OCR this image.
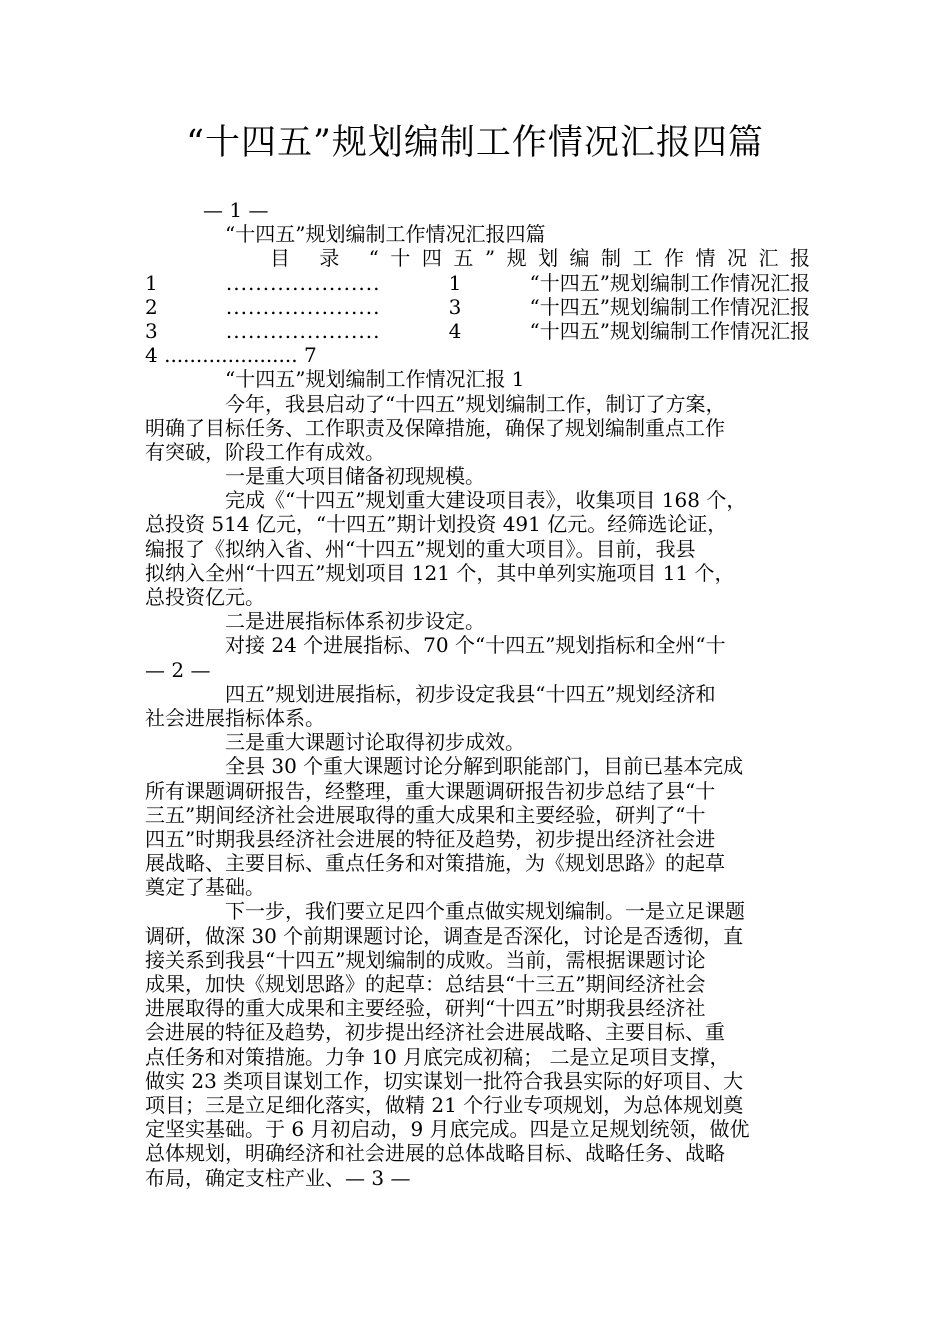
“十四五”规划编制工作情况汇报四篇
— 1 —
“十四五”规划编制工作情况汇报四篇
目 录 “十四五”规划编制工作情况汇报
1	.....................	1	“十四五”规划编制工作情况汇报
2	.....................	3	“十四五”规划编制工作情况汇报
3	.....................	4	“十四五”规划编制工作情况汇报
4 ..................... 7
“十四五”规划编制工作情况汇报 1
今年，我县启动了“十四五”规划编制工作，制订了方案，
明确了目标任务、工作职责及保障措施，确保了规划编制重点工作
有突破，阶段工作有成效。
一是重大项目储备初现规模。
完成《“十四五”规划重大建设项目表》，收集项目 168 个，
总投资 514 亿元，“十四五”期计划投资 491 亿元。经筛选论证，
编报了《拟纳入省、州“十四五”规划的重大项目》。目前，我县
拟纳入全州“十四五”规划项目 121 个，其中单列实施项目 11 个，
总投资亿元。
二是进展指标体系初步设定。
对接 24 个进展指标、70 个“十四五”规划指标和全州“十
— 2 —
四五”规划进展指标，初步设定我县“十四五”规划经济和
社会进展指标体系。
三是重大课题讨论取得初步成效。
全县 30 个重大课题讨论分解到职能部门，目前已基本完成
所有课题调研报告，经整理，重大课题调研报告初步总结了县“十
三五”期间经济社会进展取得的重大成果和主要经验，研判了“十
四五”时期我县经济社会进展的特征及趋势，初步提出经济社会进
展战略、主要目标、重点任务和对策措施，为《规划思路》的起草
奠定了基础。
下一步，我们要立足四个重点做实规划编制。一是立足课题
调研，做深 30 个前期课题讨论，调查是否深化，讨论是否透彻，直
接关系到我县“十四五”规划编制的成败。当前，需根据课题讨论
成果，加快《规划思路》的起草：总结县“十三五”期间经济社会
进展取得的重大成果和主要经验，研判“十四五”时期我县经济社
会进展的特征及趋势，初步提出经济社会进展战略、主要目标、重
点任务和对策措施。力争 10 月底完成初稿； 二是立足项目支撑，
做实 23 类项目谋划工作，切实谋划一批符合我县实际的好项目、大
项目；三是立足细化落实，做精 21 个行业专项规划，为总体规划奠
定坚实基础。于 6 月初启动，9 月底完成。四是立足规划统领，做优
总体规划，明确经济和社会进展的总体战略目标、战略任务、战略
布局，确定支柱产业、— 3 —
